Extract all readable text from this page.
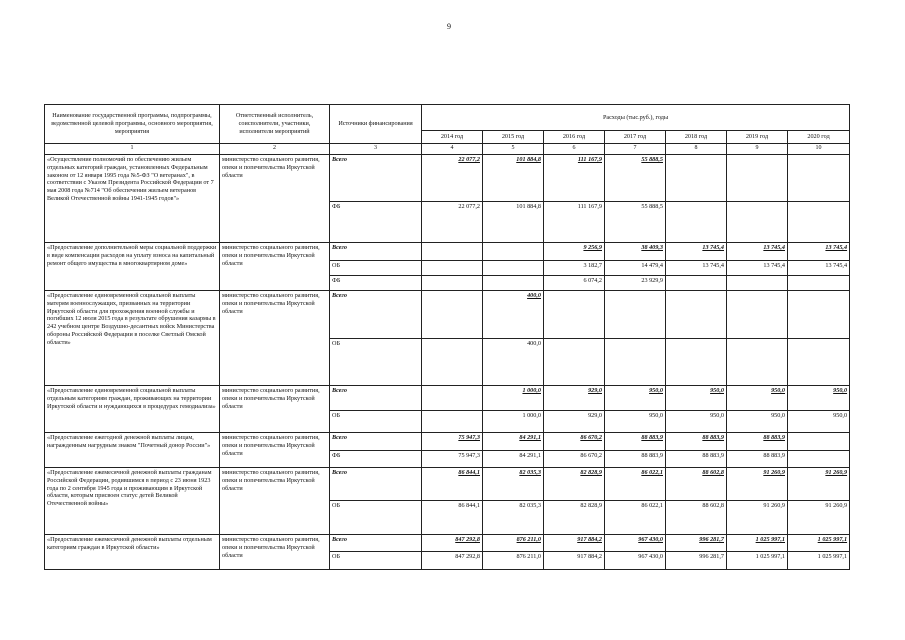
9
Наименование государственной программы, подпрограммы, ведомственной целевой программы, основного мероприятия, мероприятия	Ответственный исполнитель, соисполнители, участники, исполнители мероприятий	Источники финансирования	Расходы (тыс.руб.), годы						
			2014 год	2015 год	2016 год	2017 год	2018 год	2019 год	2020 год
1	2	3	4	5	6	7	8	9	10
«Осуществление полномочий по обеспечению жильем отдельных категорий граждан, установленных Федеральным законом от 12 января 1995 года №5-ФЗ "О ветеранах", в соответствии с Указом Президента Российской Федерации от 7 мая 2008 года №714 "Об обеспечении жильем ветеранов Великой Отечественной войны 1941-1945 годов"»	министерство социального развития, опеки и попечительства Иркутской области	Всего	22 077,2	101 884,8	111 167,9	55 888,5			
		ФБ	22 077,2	101 884,8	111 167,9	55 888,5			
«Предоставление дополнительной меры социальной поддержки в виде компенсации расходов на уплату взноса на капитальный ремонт общего имущества в многоквартирном доме»	министерство социального развития, опеки и попечительства Иркутской области	Всего			9 256,9	38 409,3	13 745,4	13 745,4	13 745,4
		ОБ			3 182,7	14 479,4	13 745,4	13 745,4	13 745,4
		ФБ			6 074,2	23 929,9			
«Предоставление единовременной социальной выплаты матерям военнослужащих, призванных на территории Иркутской области для прохождения военной службы и погибших 12 июля 2015 года в результате обрушения казармы в 242 учебном центре Воздушно-десантных войск Министерства обороны Российской Федерации в поселке Светлый Омской области»	министерство социального развития, опеки и попечительства Иркутской области	Всего		400,0					
		ОБ		400,0					
«Предоставление единовременной социальной выплаты отдельным категориям граждан, проживающих на территории Иркутской области и нуждающихся в процедурах гемодиализа»	министерство социального развития, опеки и попечительства Иркутской области	Всего		1 000,0	929,0	950,0	950,0	950,0	950,0
		ОБ		1 000,0	929,0	950,0	950,0	950,0	950,0
«Предоставление ежегодной денежной выплаты лицам, награжденным нагрудным знаком "Почетный донор России"»	министерство социального развития, опеки и попечительства Иркутской области	Всего	75 947,3	84 291,1	86 670,2	88 883,9	88 883,9	88 883,9	
		ФБ	75 947,3	84 291,1	86 670,2	88 883,9	88 883,9	88 883,9	
«Предоставление ежемесячной денежной выплаты гражданам Российской Федерации, родившимся в период с 23 июня 1923 года по 2 сентября 1945 года и проживающим в Иркутской области, которым присвоен статус детей Великой Отечественной войны»	министерство социального развития, опеки и попечительства Иркутской области	Всего	86 844,1	82 035,3	82 828,9	86 022,1	88 602,8	91 260,9	91 260,9
		ОБ	86 844,1	82 035,3	82 828,9	86 022,1	88 602,8	91 260,9	91 260,9
«Предоставление ежемесячной денежной выплаты отдельным категориям граждан в Иркутской области»	министерство социального развития, опеки и попечительства Иркутской области	Всего	847 292,8	876 211,0	917 884,2	967 430,0	996 281,7	1 025 997,1	1 025 997,1
		ОБ	847 292,8	876 211,0	917 884,2	967 430,0	996 281,7	1 025 997,1	1 025 997,1
